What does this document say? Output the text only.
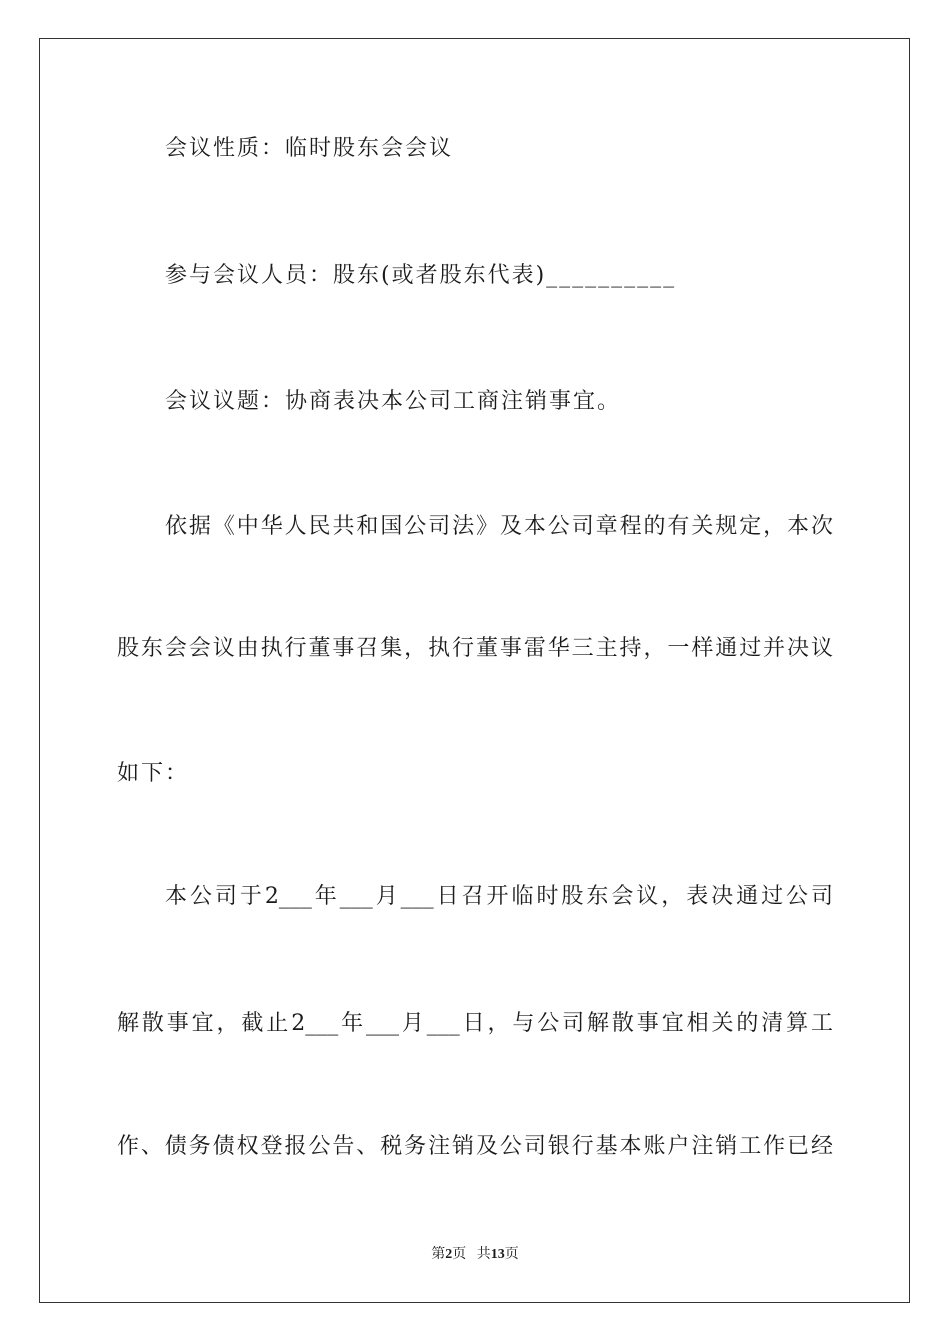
会议性质：临时股东会会议
参与会议人员：股东(或者股东代表)__________
会议议题：协商表决本公司工商注销事宜。
依据《中华人民共和国公司法》及本公司章程的有关规定，本次
股东会会议由执行董事召集，执行董事雷华三主持，一样通过并决议
如下：
本公司于2___年___月___日召开临时股东会议，表决通过公司
解散事宜，截止2___年___月___日，与公司解散事宜相关的清算工
作、债务债权登报公告、税务注销及公司银行基本账户注销工作已经
第2页 共13页
